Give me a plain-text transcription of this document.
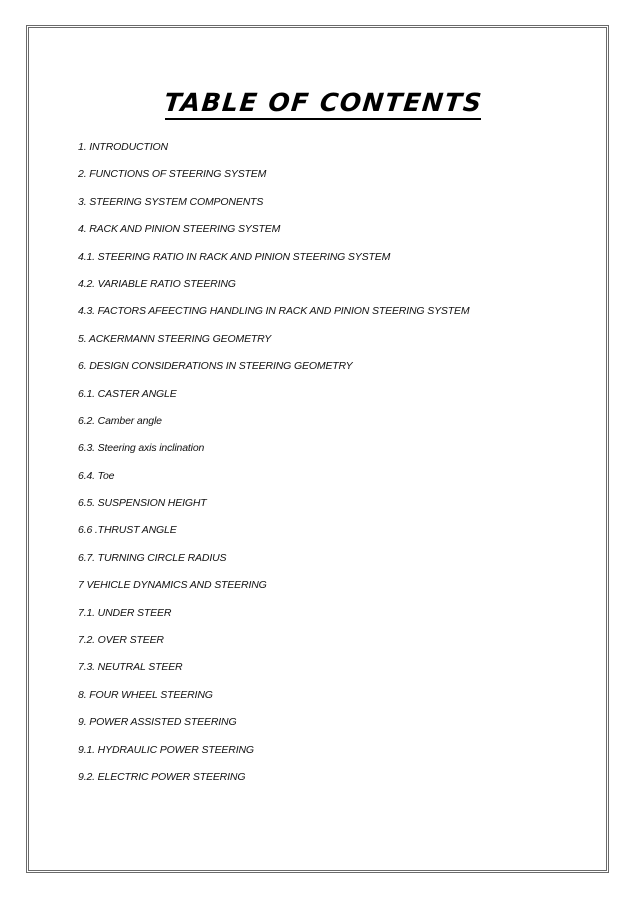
TABLE OF CONTENTS
1. INTRODUCTION
2. FUNCTIONS OF STEERING SYSTEM
3. STEERING SYSTEM COMPONENTS
4. RACK AND PINION STEERING SYSTEM
4.1. STEERING RATIO IN RACK AND PINION STEERING SYSTEM
4.2. VARIABLE RATIO STEERING
4.3. FACTORS AFEECTING HANDLING IN RACK AND PINION STEERING SYSTEM
5. ACKERMANN STEERING GEOMETRY
6. DESIGN CONSIDERATIONS IN STEERING GEOMETRY
6.1. CASTER ANGLE
6.2. Camber angle
6.3. Steering axis inclination
6.4. Toe
6.5. SUSPENSION HEIGHT
6.6 .THRUST ANGLE
6.7. TURNING CIRCLE RADIUS
7 VEHICLE DYNAMICS AND STEERING
7.1. UNDER STEER
7.2. OVER STEER
7.3. NEUTRAL STEER
8. FOUR WHEEL STEERING
9. POWER ASSISTED STEERING
9.1. HYDRAULIC POWER STEERING
9.2. ELECTRIC POWER STEERING
